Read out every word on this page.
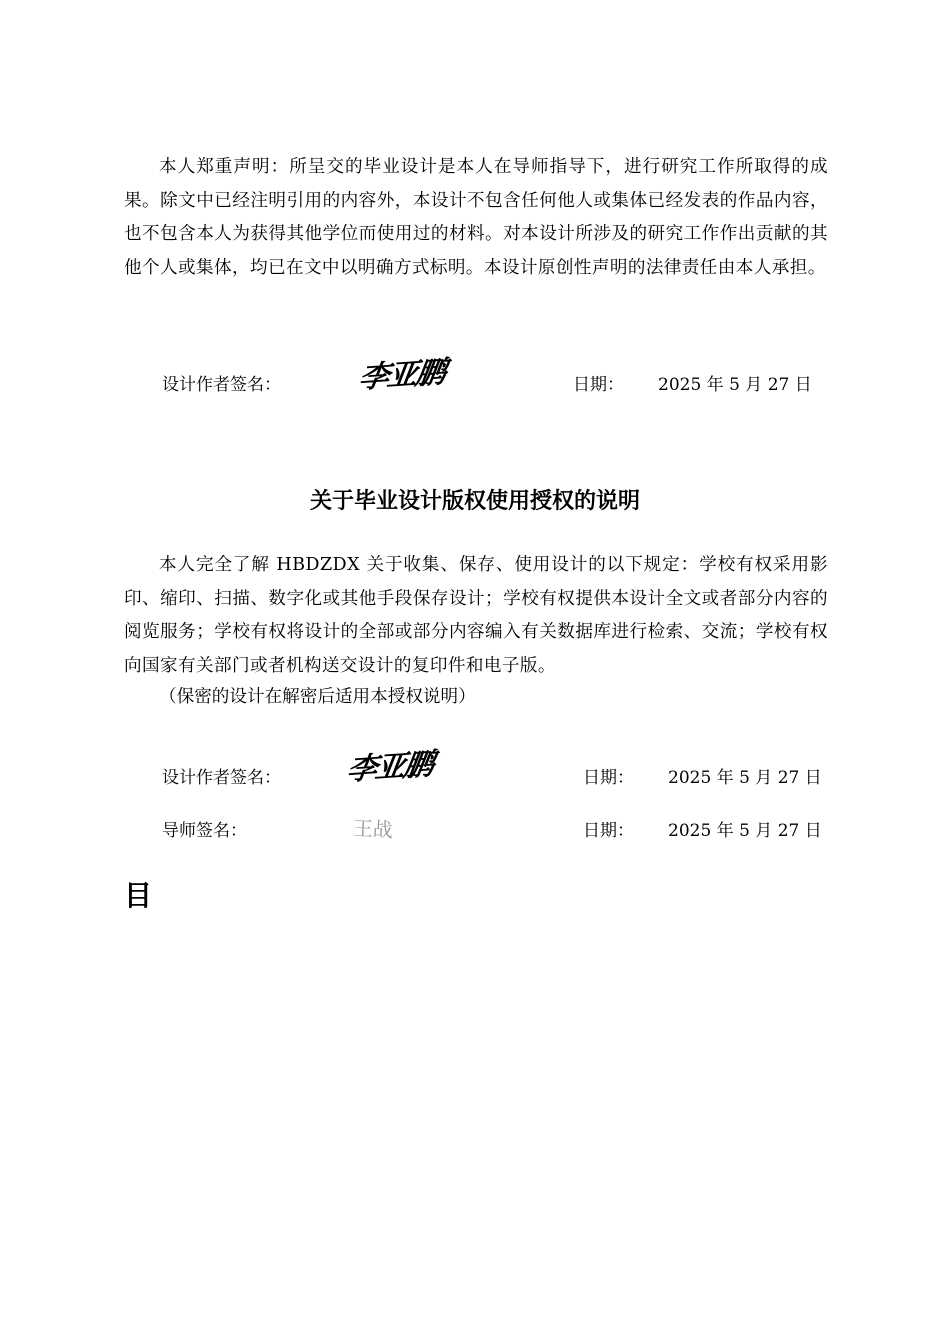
本人郑重声明：所呈交的毕业设计是本人在导师指导下，进行研究工作所取得的成果。除文中已经注明引用的内容外，本设计不包含任何他人或集体已经发表的作品内容，也不包含本人为获得其他学位而使用过的材料。对本设计所涉及的研究工作作出贡献的其他个人或集体，均已在文中以明确方式标明。本设计原创性声明的法律责任由本人承担。
设计作者签名：	李亚鹏	日期： 2025 年 5 月 27 日
关于毕业设计版权使用授权的说明
本人完全了解 HBDZDX 关于收集、保存、使用设计的以下规定：学校有权采用影印、缩印、扫描、数字化或其他手段保存设计；学校有权提供本设计全文或者部分内容的阅览服务；学校有权将设计的全部或部分内容编入有关数据库进行检索、交流；学校有权向国家有关部门或者机构送交设计的复印件和电子版。
（保密的设计在解密后适用本授权说明）
设计作者签名： 李亚鹏	日期： 2025 年 5 月 27 日
导师签名：	王战	日期： 2025 年 5 月 27 日
目
